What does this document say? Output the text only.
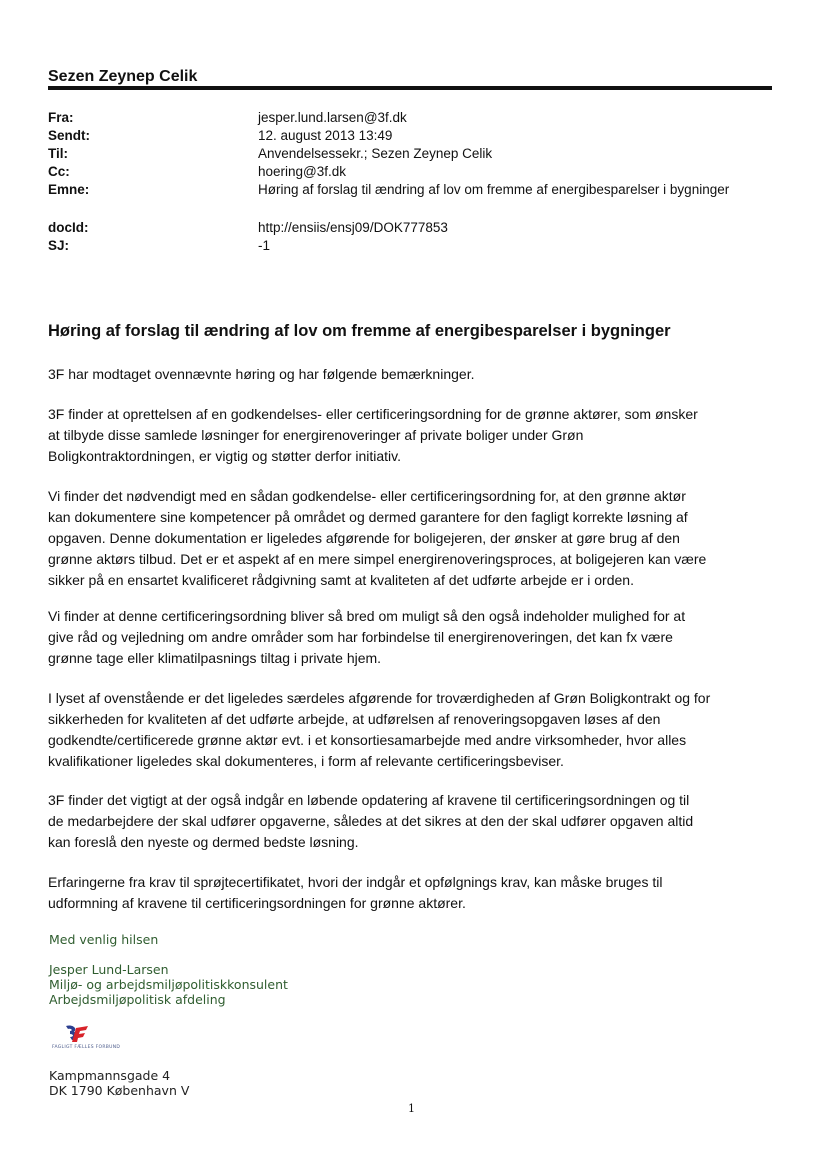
Sezen Zeynep Celik
Fra:	jesper.lund.larsen@3f.dk
Sendt:	12. august 2013 13:49
Til:	Anvendelsessekr.; Sezen Zeynep Celik
Cc:	hoering@3f.dk
Emne:	Høring af forslag til ændring af lov om fremme af energibesparelser i bygninger
docId:	http://ensiis/ensj09/DOK777853
SJ:	-1
Høring af forslag til ændring af lov om fremme af energibesparelser i bygninger
3F har modtaget ovennævnte høring og har følgende bemærkninger.
3F finder at oprettelsen af en godkendelses- eller certificeringsordning for de grønne aktører, som ønsker
at tilbyde disse samlede løsninger for energirenoveringer af private boliger under Grøn
Boligkontraktordningen, er vigtig og støtter derfor initiativ.
Vi finder det nødvendigt med en sådan godkendelse- eller certificeringsordning for, at den grønne aktør
kan dokumentere sine kompetencer på området og dermed garantere for den fagligt korrekte løsning af
opgaven. Denne dokumentation er ligeledes afgørende for boligejeren, der ønsker at gøre brug af den
grønne aktørs tilbud. Det er et aspekt af en mere simpel energirenoveringsproces, at boligejeren kan være
sikker på en ensartet kvalificeret rådgivning samt at kvaliteten af det udførte arbejde er i orden.
Vi finder at denne certificeringsordning bliver så bred om muligt så den også indeholder mulighed for at
give råd og vejledning om andre områder som har forbindelse til energirenoveringen, det kan fx være
grønne tage eller klimatilpasnings tiltag i private hjem.
I lyset af ovenstående er det ligeledes særdeles afgørende for troværdigheden af Grøn Boligkontrakt og for
sikkerheden for kvaliteten af det udførte arbejde, at udførelsen af renoveringsopgaven løses af den
godkendte/certificerede grønne aktør evt. i et konsortiesamarbejde med andre virksomheder, hvor alles
kvalifikationer ligeledes skal dokumenteres, i form af relevante certificeringsbeviser.
3F finder det vigtigt at der også indgår en løbende opdatering af kravene til certificeringsordningen og til
de medarbejdere der skal udfører opgaverne, således at det sikres at den der skal udfører opgaven altid
kan foreslå den nyeste og dermed bedste løsning.
Erfaringerne fra krav til sprøjtecertifikatet, hvori der indgår et opfølgnings krav, kan måske bruges til
udformning af kravene til certificeringsordningen for grønne aktører.
Med venlig hilsen
Jesper Lund-Larsen
Miljø- og arbejdsmiljøpolitiskkonsulent
Arbejdsmiljøpolitisk afdeling
FAGLIGT FÆLLES FORBUND
Kampmannsgade 4
DK 1790 København V
1
